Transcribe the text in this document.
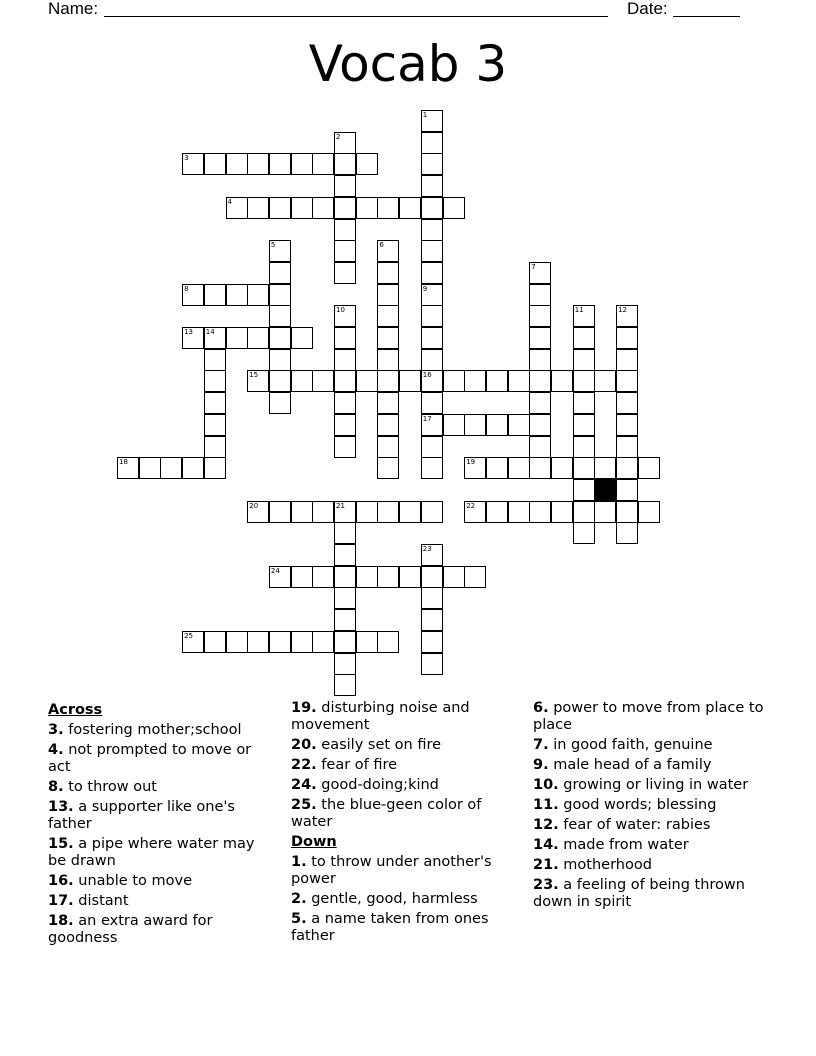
Name:	Date:
Vocab 3
3
4
8
13 14
15	16
17
18	19
20	21	22
24
25
1
2
5	6
7
9
10	11	12
23
Across
3. fostering mother;school
4. not prompted to move or act
8. to throw out
13. a supporter like one's father
15. a pipe where water may be drawn
16. unable to move
17. distant
18. an extra award for goodness
19. disturbing noise and movement
20. easily set on fire
22. fear of fire
24. good-doing;kind
25. the blue-geen color of water
Down
1. to throw under another's power
2. gentle, good, harmless
5. a name taken from ones father
6. power to move from place to place
7. in good faith, genuine
9. male head of a family
10. growing or living in water
11. good words; blessing
12. fear of water: rabies
14. made from water
21. motherhood
23. a feeling of being thrown down in spirit
